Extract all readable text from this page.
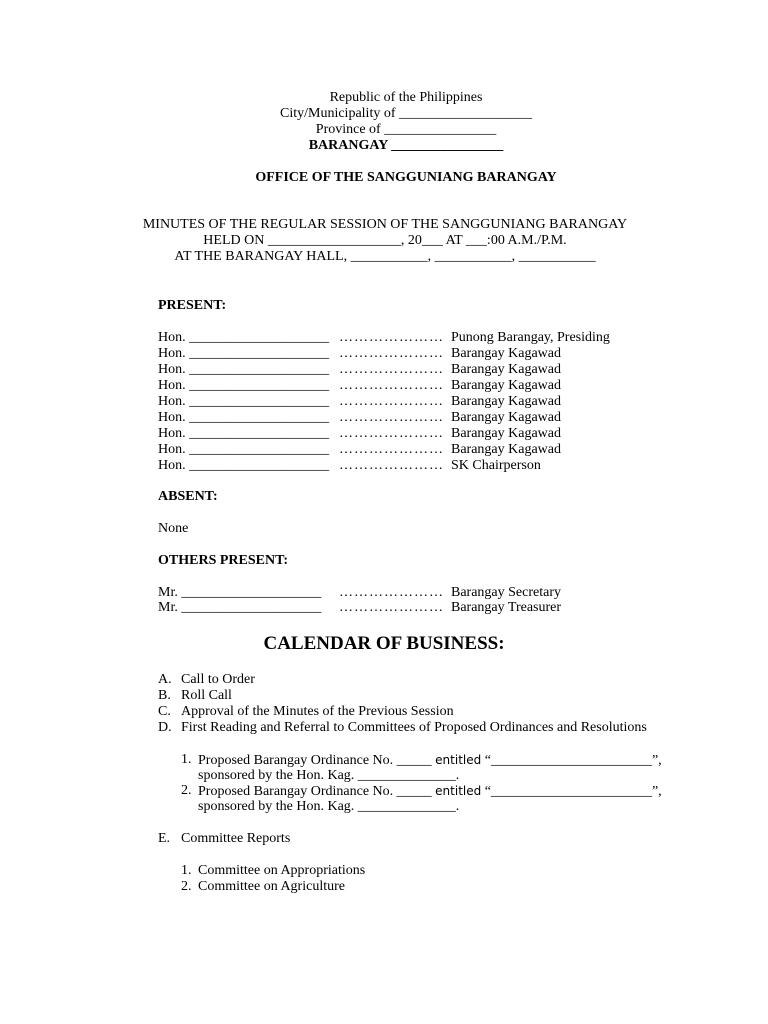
Republic of the Philippines
City/Municipality of ___________________
Province of ________________
BARANGAY ________________
OFFICE OF THE SANGGUNIANG BARANGAY
MINUTES OF THE REGULAR SESSION OF THE SANGGUNIANG BARANGAY
HELD ON ___________________, 20___ AT ___:00 A.M./P.M.
AT THE BARANGAY HALL, ___________, ___________, ___________
PRESENT:
Hon. ____________________ ………………… Punong Barangay, Presiding
Hon. ____________________ ………………… Barangay Kagawad
Hon. ____________________ ………………… Barangay Kagawad
Hon. ____________________ ………………… Barangay Kagawad
Hon. ____________________ ………………… Barangay Kagawad
Hon. ____________________ ………………… Barangay Kagawad
Hon. ____________________ ………………… Barangay Kagawad
Hon. ____________________ ………………… Barangay Kagawad
Hon. ____________________ ………………… SK Chairperson
ABSENT:
None
OTHERS PRESENT:
Mr. ____________________ ………………… Barangay Secretary
Mr. ____________________ ………………… Barangay Treasurer
CALENDAR OF BUSINESS:
A. Call to Order
B. Roll Call
C. Approval of the Minutes of the Previous Session
D. First Reading and Referral to Committees of Proposed Ordinances and Resolutions
1. Proposed Barangay Ordinance No. _____ entitled “_______________________”,
sponsored by the Hon. Kag. ______________.
2. Proposed Barangay Ordinance No. _____ entitled “_______________________”,
sponsored by the Hon. Kag. ______________.
E. Committee Reports
1. Committee on Appropriations
2. Committee on Agriculture
